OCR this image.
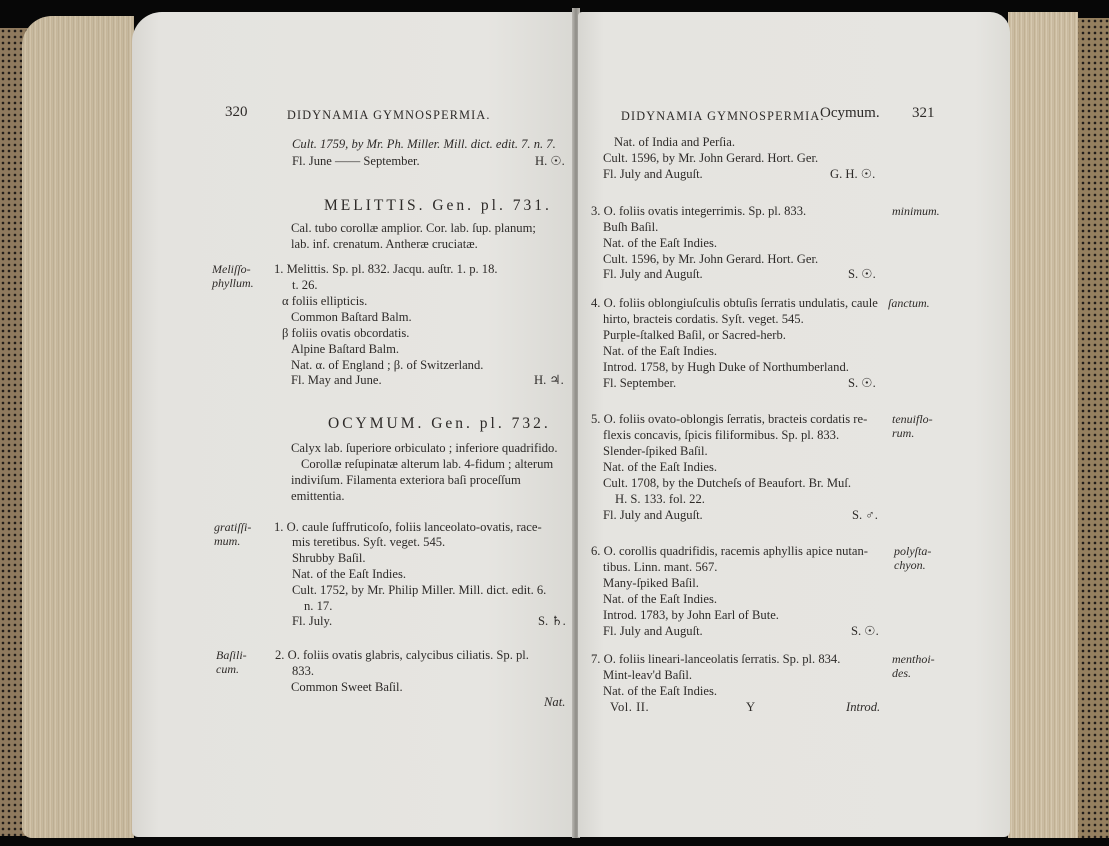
320	DIDYNAMIA GYMNOSPERMIA.
Cult. 1759, by Mr. Ph. Miller. Mill. dict. edit. 7. n. 7.
Fl. June —— September.	H. ☉.
MELITTIS. Gen. pl. 731.
Cal. tubo corollæ amplior. Cor. lab. ſup. planum;
lab. inf. crenatum. Antheræ cruciatæ.
Meliſſo-
phyllum.
1. Melittis. Sp. pl. 832. Jacqu. auſtr. 1. p. 18.
t. 26.
α foliis ellipticis.
Common Baſtard Balm.
β foliis ovatis obcordatis.
Alpine Baſtard Balm.
Nat. α. of England ; β. of Switzerland.
Fl. May and June.	H. ♃.
OCYMUM. Gen. pl. 732.
Calyx lab. ſuperiore orbiculato ; inferiore quadrifido.
Corollæ reſupinatæ alterum lab. 4-fidum ; alterum
indiviſum. Filamenta exteriora baſi proceſſum
emittentia.
gratiſſi-
mum.
1. O. caule ſuffruticoſo, foliis lanceolato-ovatis, race-
mis teretibus. Syſt. veget. 545.
Shrubby Baſil.
Nat. of the Eaſt Indies.
Cult. 1752, by Mr. Philip Miller. Mill. dict. edit. 6.
n. 17.
Fl. July.	S. ♄.
Baſili-
cum.
2. O. foliis ovatis glabris, calycibus ciliatis. Sp. pl.
833.
Common Sweet Baſil.
Nat.
DIDYNAMIA GYMNOSPERMIA.
Ocymum. 321
Nat. of India and Perſia.
Cult. 1596, by Mr. John Gerard. Hort. Ger.
Fl. July and Auguſt.	G. H. ☉.
minimum.
3. O. foliis ovatis integerrimis. Sp. pl. 833.
Buſh Baſil.
Nat. of the Eaſt Indies.
Cult. 1596, by Mr. John Gerard. Hort. Ger.
Fl. July and Auguſt.	S. ☉.
ſanctum.
4. O. foliis oblongiuſculis obtuſis ſerratis undulatis, caule
hirto, bracteis cordatis. Syſt. veget. 545.
Purple-ſtalked Baſil, or Sacred-herb.
Nat. of the Eaſt Indies.
Introd. 1758, by Hugh Duke of Northumberland.
Fl. September.	S. ☉.
tenuiflo-
rum.
5. O. foliis ovato-oblongis ſerratis, bracteis cordatis re-
flexis concavis, ſpicis filiformibus. Sp. pl. 833.
Slender-ſpiked Baſil.
Nat. of the Eaſt Indies.
Cult. 1708, by the Dutcheſs of Beaufort. Br. Muſ.
H. S. 133. fol. 22.
Fl. July and Auguſt.	S. ♂.
polyſta-
chyon.
6. O. corollis quadrifidis, racemis aphyllis apice nutan-
tibus. Linn. mant. 567.
Many-ſpiked Baſil.
Nat. of the Eaſt Indies.
Introd. 1783, by John Earl of Bute.
Fl. July and Auguſt.	S. ☉.
menthoi-
des.
7. O. foliis lineari-lanceolatis ſerratis. Sp. pl. 834.
Mint-leav'd Baſil.
Nat. of the Eaſt Indies.
Vol. II.	Y	Introd.
